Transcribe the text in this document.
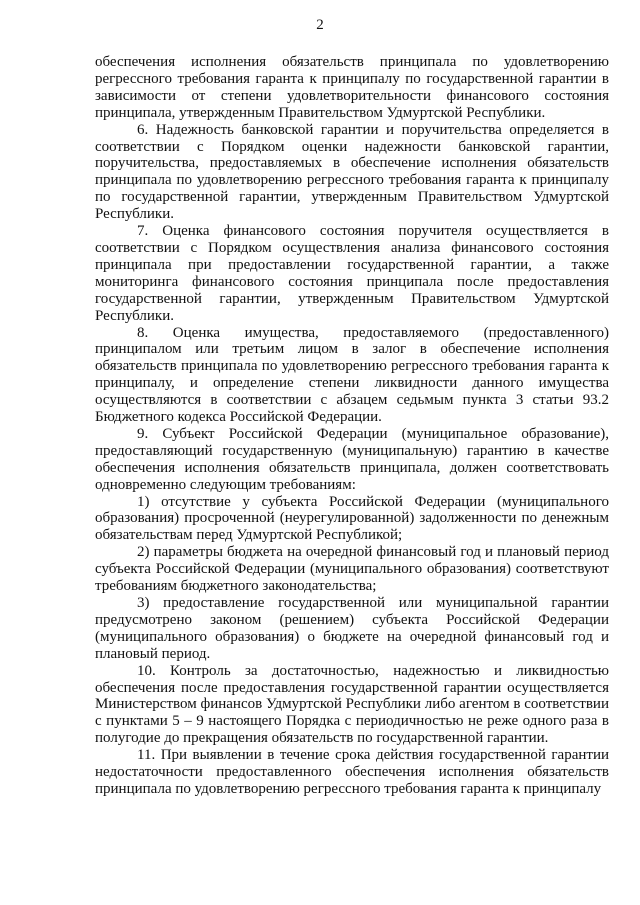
2

обеспечения исполнения обязательств принципала по удовлетворению регрессного требования гаранта к принципалу по государственной гарантии в зависимости от степени удовлетворительности финансового состояния принципала, утвержденным Правительством Удмуртской Республики.

6. Надежность банковской гарантии и поручительства определяется в соответствии с Порядком оценки надежности банковской гарантии, поручительства, предоставляемых в обеспечение исполнения обязательств принципала по удовлетворению регрессного требования гаранта к принципалу по государственной гарантии, утвержденным Правительством Удмуртской Республики.

7. Оценка финансового состояния поручителя осуществляется в соответствии с Порядком осуществления анализа финансового состояния принципала при предоставлении государственной гарантии, а также мониторинга финансового состояния принципала после предоставления государственной гарантии, утвержденным Правительством Удмуртской Республики.

8. Оценка имущества, предоставляемого (предоставленного) принципалом или третьим лицом в залог в обеспечение исполнения обязательств принципала по удовлетворению регрессного требования гаранта к принципалу, и определение степени ликвидности данного имущества осуществляются в соответствии с абзацем седьмым пункта 3 статьи 93.2 Бюджетного кодекса Российской Федерации.

9. Субъект Российской Федерации (муниципальное образование), предоставляющий государственную (муниципальную) гарантию в качестве обеспечения исполнения обязательств принципала, должен соответствовать одновременно следующим требованиям:

1) отсутствие у субъекта Российской Федерации (муниципального образования) просроченной (неурегулированной) задолженности по денежным обязательствам перед Удмуртской Республикой;

2) параметры бюджета на очередной финансовый год и плановый период субъекта Российской Федерации (муниципального образования) соответствуют требованиям бюджетного законодательства;

3) предоставление государственной или муниципальной гарантии предусмотрено законом (решением) субъекта Российской Федерации (муниципального образования) о бюджете на очередной финансовый год и плановый период.

10. Контроль за достаточностью, надежностью и ликвидностью обеспечения после предоставления государственной гарантии осуществляется Министерством финансов Удмуртской Республики либо агентом в соответствии с пунктами 5 – 9 настоящего Порядка с периодичностью не реже одного раза в полугодие до прекращения обязательств по государственной гарантии.

11. При выявлении в течение срока действия государственной гарантии недостаточности предоставленного обеспечения исполнения обязательств принципала по удовлетворению регрессного требования гаранта к принципалу
